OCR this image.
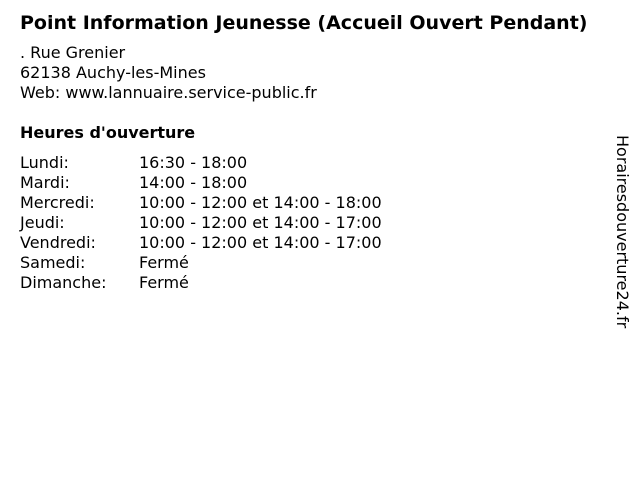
Point Information Jeunesse (Accueil Ouvert Pendant)
. Rue Grenier
62138 Auchy-les-Mines
Web: www.lannuaire.service-public.fr
Heures d'ouverture
Lundi:	16:30 - 18:00
Mardi:	14:00 - 18:00
Mercredi:	10:00 - 12:00 et 14:00 - 18:00
Jeudi:	10:00 - 12:00 et 14:00 - 17:00
Vendredi:	10:00 - 12:00 et 14:00 - 17:00
Samedi:	Fermé
Dimanche:	Fermé	Horairesdouverture24.fr
